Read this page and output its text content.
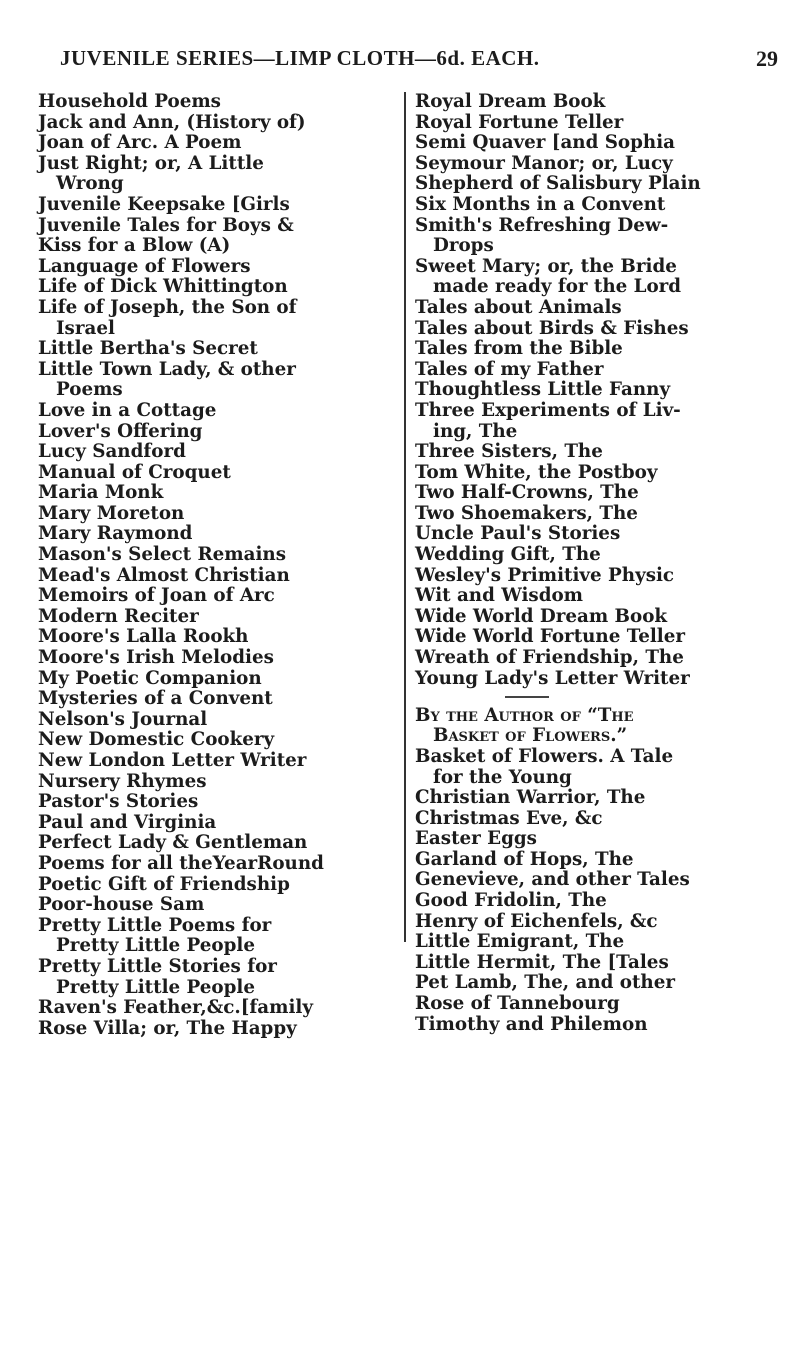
JUVENILE SERIES—LIMP CLOTH—6d. EACH.	29
Household Poems
Jack and Ann, (History of)
Joan of Arc. A Poem
Just Right; or, A Little
Wrong
Juvenile Keepsake [Girls
Juvenile Tales for Boys &
Kiss for a Blow (A)
Language of Flowers
Life of Dick Whittington
Life of Joseph, the Son of
Israel
Little Bertha's Secret
Little Town Lady, & other
Poems
Love in a Cottage
Lover's Offering
Lucy Sandford
Manual of Croquet
Maria Monk
Mary Moreton
Mary Raymond
Mason's Select Remains
Mead's Almost Christian
Memoirs of Joan of Arc
Modern Reciter
Moore's Lalla Rookh
Moore's Irish Melodies
My Poetic Companion
Mysteries of a Convent
Nelson's Journal
New Domestic Cookery
New London Letter Writer
Nursery Rhymes
Pastor's Stories
Paul and Virginia
Perfect Lady & Gentleman
Poems for all theYearRound
Poetic Gift of Friendship
Poor-house Sam
Pretty Little Poems for
Pretty Little People
Pretty Little Stories for
Pretty Little People
Raven's Feather,&c.[family
Rose Villa; or, The Happy
Royal Dream Book
Royal Fortune Teller
Semi Quaver [and Sophia
Seymour Manor; or, Lucy
Shepherd of Salisbury Plain
Six Months in a Convent
Smith's Refreshing Dew-
Drops
Sweet Mary; or, the Bride
made ready for the Lord
Tales about Animals
Tales about Birds & Fishes
Tales from the Bible
Tales of my Father
Thoughtless Little Fanny
Three Experiments of Liv-
ing, The
Three Sisters, The
Tom White, the Postboy
Two Half-Crowns, The
Two Shoemakers, The
Uncle Paul's Stories
Wedding Gift, The
Wesley's Primitive Physic
Wit and Wisdom
Wide World Dream Book
Wide World Fortune Teller
Wreath of Friendship, The
Young Lady's Letter Writer
By the Author of “The
Basket of Flowers.”
Basket of Flowers. A Tale
for the Young
Christian Warrior, The
Christmas Eve, &c
Easter Eggs
Garland of Hops, The
Genevieve, and other Tales
Good Fridolin, The
Henry of Eichenfels, &c
Little Emigrant, The
Little Hermit, The [Tales
Pet Lamb, The, and other
Rose of Tannebourg
Timothy and Philemon
